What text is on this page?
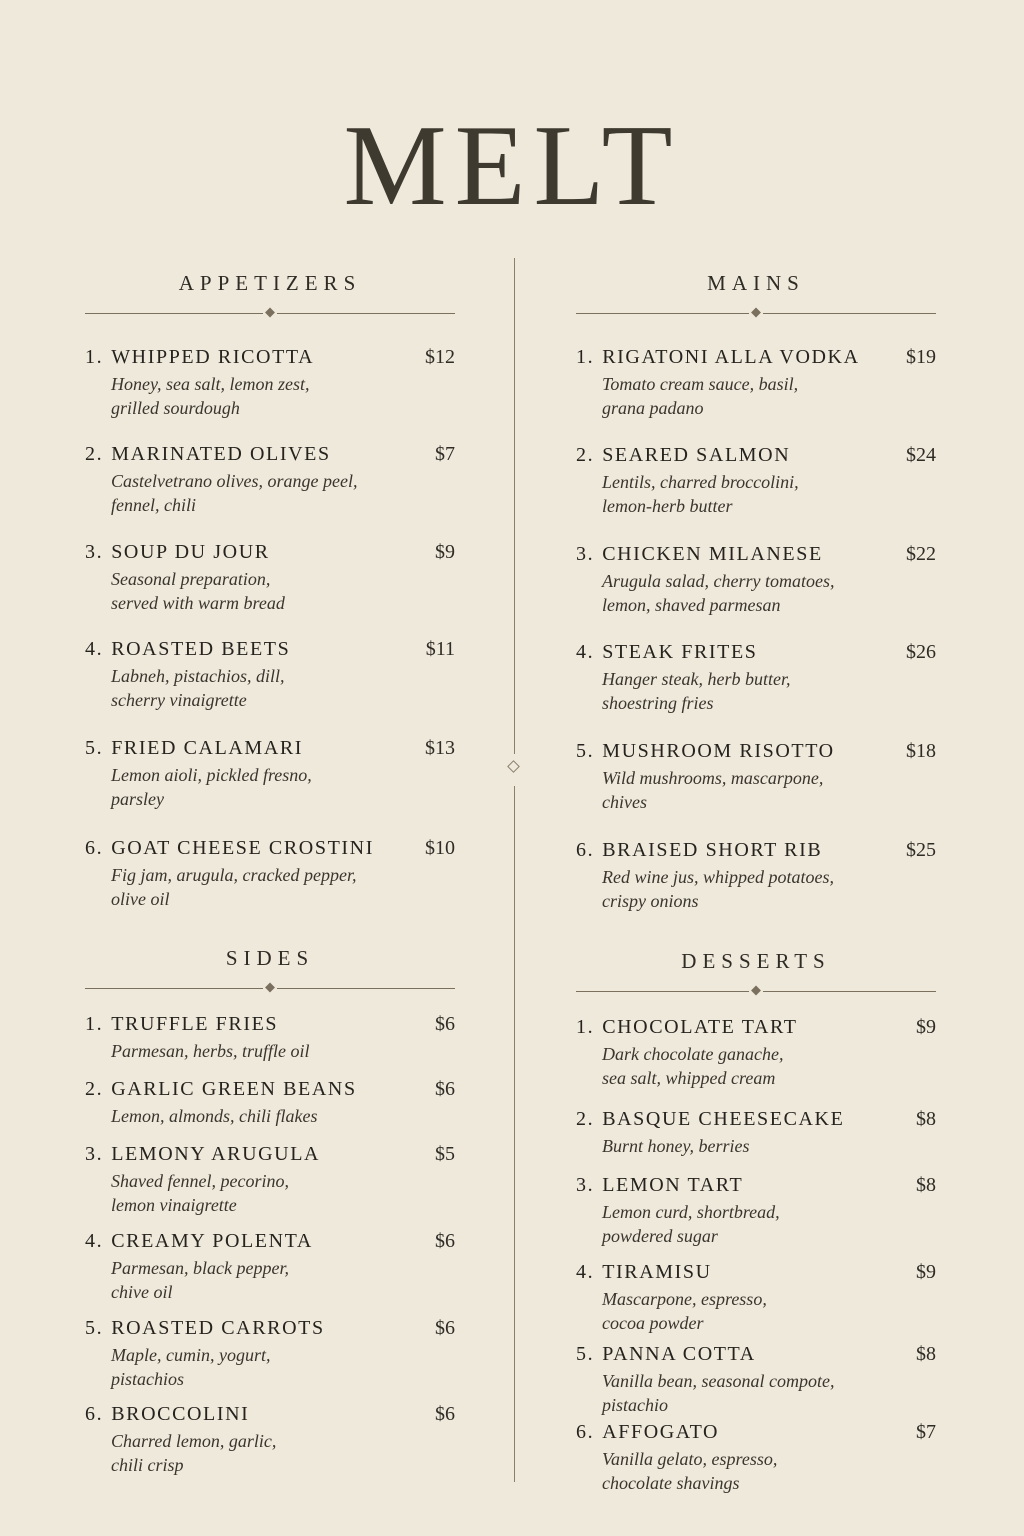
MELT
APPETIZERS
1. WHIPPED RICOTTA	$12
Honey, sea salt, lemon zest,
grilled sourdough
2. MARINATED OLIVES	$7
Castelvetrano olives, orange peel,
fennel, chili
3. SOUP DU JOUR	$9
Seasonal preparation,
served with warm bread
4. ROASTED BEETS	$11
Labneh, pistachios, dill,
scherry vinaigrette
5. FRIED CALAMARI	$13
Lemon aioli, pickled fresno,
parsley
6. GOAT CHEESE CROSTINI	$10
Fig jam, arugula, cracked pepper,
olive oil
SIDES
1. TRUFFLE FRIES	$6
Parmesan, herbs, truffle oil
2. GARLIC GREEN BEANS	$6
Lemon, almonds, chili flakes
3. LEMONY ARUGULA	$5
Shaved fennel, pecorino,
lemon vinaigrette
4. CREAMY POLENTA	$6
Parmesan, black pepper,
chive oil
5. ROASTED CARROTS	$6
Maple, cumin, yogurt,
pistachios
6. BROCCOLINI	$6
Charred lemon, garlic,
chili crisp
MAINS
1. RIGATONI ALLA VODKA $19
Tomato cream sauce, basil,
grana padano
2. SEARED SALMON	$24
Lentils, charred broccolini,
lemon-herb butter
3. CHICKEN MILANESE	$22
Arugula salad, cherry tomatoes,
lemon, shaved parmesan
4. STEAK FRITES	$26
Hanger steak, herb butter,
shoestring fries
5. MUSHROOM RISOTTO	$18
Wild mushrooms, mascarpone,
chives
6. BRAISED SHORT RIB	$25
Red wine jus, whipped potatoes,
crispy onions
DESSERTS
1. CHOCOLATE TART	$9
Dark chocolate ganache,
sea salt, whipped cream
2. BASQUE CHEESECAKE	$8
Burnt honey, berries
3. LEMON TART	$8
Lemon curd, shortbread,
powdered sugar
4. TIRAMISU	$9
Mascarpone, espresso,
cocoa powder
5. PANNA COTTA	$8
Vanilla bean, seasonal compote,
pistachio
6. AFFOGATO	$7
Vanilla gelato, espresso,
chocolate shavings
